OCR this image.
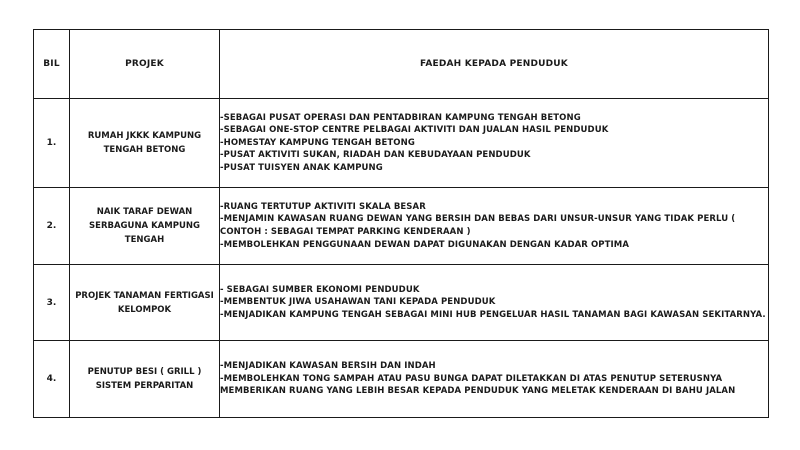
BIL	PROJEK	FAEDAH KEPADA PENDUDUK
1.	RUMAH JKKK KAMPUNG TENGAH BETONG	-SEBAGAI PUSAT OPERASI DAN PENTADBIRAN KAMPUNG TENGAH BETONG
-SEBAGAI ONE-STOP CENTRE PELBAGAI AKTIVITI DAN JUALAN HASIL PENDUDUK
-HOMESTAY KAMPUNG TENGAH BETONG
-PUSAT AKTIVITI SUKAN, RIADAH DAN KEBUDAYAAN PENDUDUK
-PUSAT TUISYEN ANAK KAMPUNG

2.	NAIK TARAF DEWAN SERBAGUNA KAMPUNG TENGAH	-RUANG TERTUTUP AKTIVITI SKALA BESAR
-MENJAMIN KAWASAN RUANG DEWAN YANG BERSIH DAN BEBAS DARI UNSUR-UNSUR YANG TIDAK PERLU ( CONTOH : SEBAGAI TEMPAT PARKING KENDERAAN )
-MEMBOLEHKAN PENGGUNAAN DEWAN DAPAT DIGUNAKAN DENGAN KADAR OPTIMA

3.	PROJEK TANAMAN FERTIGASI KELOMPOK	- SEBAGAI SUMBER EKONOMI PENDUDUK
-MEMBENTUK JIWA USAHAWAN TANI KEPADA PENDUDUK
-MENJADIKAN KAMPUNG TENGAH SEBAGAI MINI HUB PENGELUAR HASIL TANAMAN BAGI KAWASAN SEKITARNYA.

4.	PENUTUP BESI ( GRILL ) SISTEM PERPARITAN	-MENJADIKAN KAWASAN BERSIH DAN INDAH
-MEMBOLEHKAN TONG SAMPAH ATAU PASU BUNGA DAPAT DILETAKKAN DI ATAS PENUTUP SETERUSNYA MEMBERIKAN RUANG YANG LEBIH BESAR KEPADA PENDUDUK YANG MELETAK KENDERAAN DI BAHU JALAN
